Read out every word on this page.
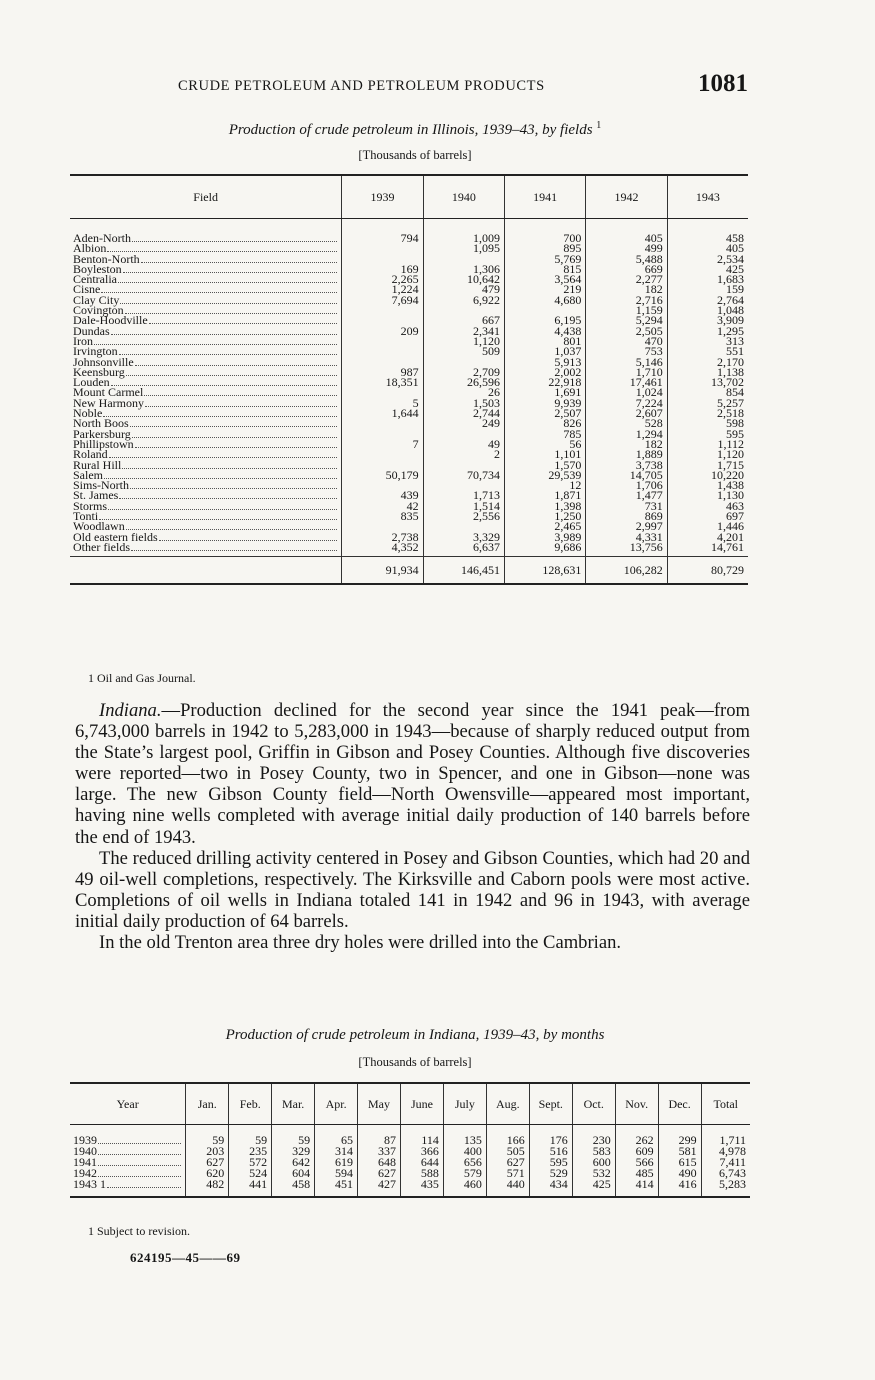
CRUDE PETROLEUM AND PETROLEUM PRODUCTS	1081
Production of crude petroleum in Illinois, 1939–43, by fields $^1$
[Thousands of barrels]
Field	1939	1940	1941	1942	1943

Aden-North	794	1,009	700	405	458

Albion		1,095	895	499	405

Benton-North			5,769	5,488	2,534

Boyleston	169	1,306	815	669	425

Centralia	2,265	10,642	3,564	2,277	1,683

Cisne	1,224	479	219	182	159

Clay City	7,694	6,922	4,680	2,716	2,764

Covington				1,159	1,048

Dale-Hoodville		667	6,195	5,294	3,909

Dundas	209	2,341	4,438	2,505	1,295

Iron		1,120	801	470	313

Irvington		509	1,037	753	551

Johnsonville			5,913	5,146	2,170

Keensburg	987	2,709	2,002	1,710	1,138

Louden	18,351	26,596	22,918	17,461	13,702

Mount Carmel		26	1,691	1,024	854

New Harmony	5	1,503	9,939	7,224	5,257

Noble	1,644	2,744	2,507	2,607	2,518

North Boos		249	826	528	598

Parkersburg			785	1,294	595

Phillipstown	7	49	56	182	1,112

Roland		2	1,101	1,889	1,120

Rural Hill			1,570	3,738	1,715

Salem	50,179	70,734	29,539	14,705	10,220

Sims-North			12	1,706	1,438

St. James	439	1,713	1,871	1,477	1,130

Storms	42	1,514	1,398	731	463

Tonti	835	2,556	1,250	869	697

Woodlawn			2,465	2,997	1,446

Old eastern fields	2,738	3,329	3,989	4,331	4,201

Other fields	4,352	6,637	9,686	13,756	14,761
	91,934	146,451	128,631	106,282	80,729
1 Oil and Gas Journal.

Indiana.—Production declined for the second year since the 1941 peak—from 6,743,000 barrels in 1942 to 5,283,000 in 1943—because of sharply reduced output from the State’s largest pool, Griffin in Gibson and Posey Counties. Although five discoveries were reported—two in Posey County, two in Spencer, and one in Gibson—none was large. The new Gibson County field—North Owensville—appeared most important, having nine wells completed with average initial daily production of 140 barrels before the end of 1943.

The reduced drilling activity centered in Posey and Gibson Counties, which had 20 and 49 oil-well completions, respectively. The Kirksville and Caborn pools were most active. Completions of oil wells in Indiana totaled 141 in 1942 and 96 in 1943, with average initial daily production of 64 barrels.

In the old Trenton area three dry holes were drilled into the Cambrian.

Production of crude petroleum in Indiana, 1939–43, by months
[Thousands of barrels]
Year	Jan.	Feb.	Mar.	Apr.	May	June	July	Aug.	Sept.	Oct.	Nov.	Dec.	Total

1939	59	59	59	65	87	114	135	166	176	230	262	299	1,711

1940	203	235	329	314	337	366	400	505	516	583	609	581	4,978

1941	627	572	642	619	648	644	656	627	595	600	566	615	7,411

1942	620	524	604	594	627	588	579	571	529	532	485	490	6,743

1943 1	482	441	458	451	427	435	460	440	434	425	414	416	5,283
1 Subject to revision.
624195—45——69
